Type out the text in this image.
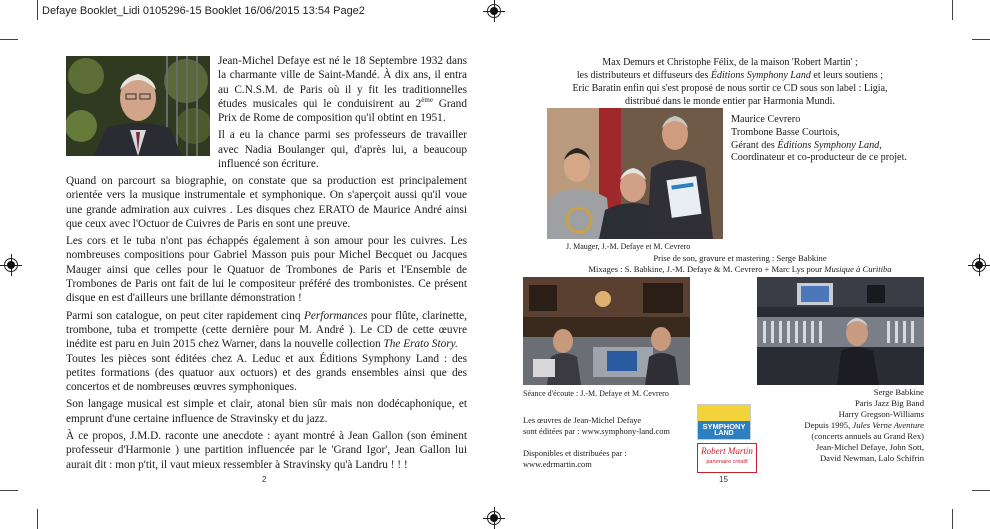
Defaye Booklet_Lidi 0105296-15 Booklet 16/06/2015 13:54 Page2

Jean-Michel Defaye est né le 18 Septembre 1932 dans la charmante ville de Saint-Mandé. À dix ans, il entra au C.N.S.M. de Paris où il y fit les traditionnelles études musicales qui le conduisirent au 2ème Grand Prix de Rome de composition qu'il obtint en 1951.

Il a eu la chance parmi ses professeurs de travailler avec Nadia Boulanger qui, d'après lui, a beaucoup influencé son écriture.

Quand on parcourt sa biographie, on constate que sa production est principalement orientée vers la musique instrumentale et symphonique. On s'aperçoit aussi qu'il voue une grande admiration aux cuivres . Les disques chez ERATO de Maurice André ainsi que ceux avec l'Octuor de Cuivres de Paris en sont une preuve.

Les cors et le tuba n'ont pas échappés également à son amour pour les cuivres. Les nombreuses compositions pour Gabriel Masson puis pour Michel Becquet ou Jacques Mauger ainsi que celles pour le Quatuor de Trombones de Paris et l'Ensemble de Trombones de Paris ont fait de lui le compositeur préféré des trombonistes. Ce présent disque en est d'ailleurs une brillante démonstration !

Parmi son catalogue, on peut citer rapidement cinq Performances pour flûte, clarinette, trombone, tuba et trompette (cette dernière pour M. André ). Le CD de cette œuvre inédite est paru en Juin 2015 chez Warner, dans la nouvelle collection The Erato Story.

Toutes les pièces sont éditées chez A. Leduc et aux Éditions Symphony Land : des petites formations (des quatuor aux octuors) et des grands ensembles ainsi que des concertos et de nombreuses œuvres symphoniques.

Son langage musical est simple et clair, atonal bien sûr mais non dodécaphonique, et emprunt d'une certaine influence de Stravinsky et du jazz.

À ce propos, J.M.D. raconte une anecdote : ayant montré à Jean Gallon (son éminent professeur d'Harmonie ) une partition influencée par le 'Grand Igor', Jean Gallon lui aurait dit : mon p'tit, il vaut mieux ressembler à Stravinsky qu'à Landru ! ! !

2
Max Demurs et Christophe Félix, de la maison 'Robert Martin' ;
les distributeurs et diffuseurs des Éditions Symphony Land et leurs soutiens ;
Eric Baratin enfin qui s'est proposé de nous sortir ce CD sous son label : Ligia,
distribué dans le monde entier par Harmonia Mundi.
Maurice Cevrero
Trombone Basse Courtois,
Gérant des Éditions Symphony Land,
Coordinateur et co-producteur de ce projet.
J. Mauger, J.-M. Defaye et M. Cevrero
Prise de son, gravure et mastering : Serge Babkine
Mixages : S. Babkine, J.-M. Defaye & M. Cevrero + Marc Lys pour Musique à Curitiba
Séance d'écoute : J.-M. Defaye et M. Cevrero	Serge Babkine
Paris Jazz Big Band
Harry Gregson-Williams
Depuis 1995, Jules Verne Aventure
(concerts annuels au Grand Rex)
Jean-Michel Defaye, John Sott,
David Newman, Lalo Schifrin
Les œuvres de Jean-Michel Defaye
sont éditées par : www.symphony-land.com
Disponibles et distribuées par :
www.edrmartin.com
SYMPHONY
LAND
Robert Martin
partenaire créatif
15
